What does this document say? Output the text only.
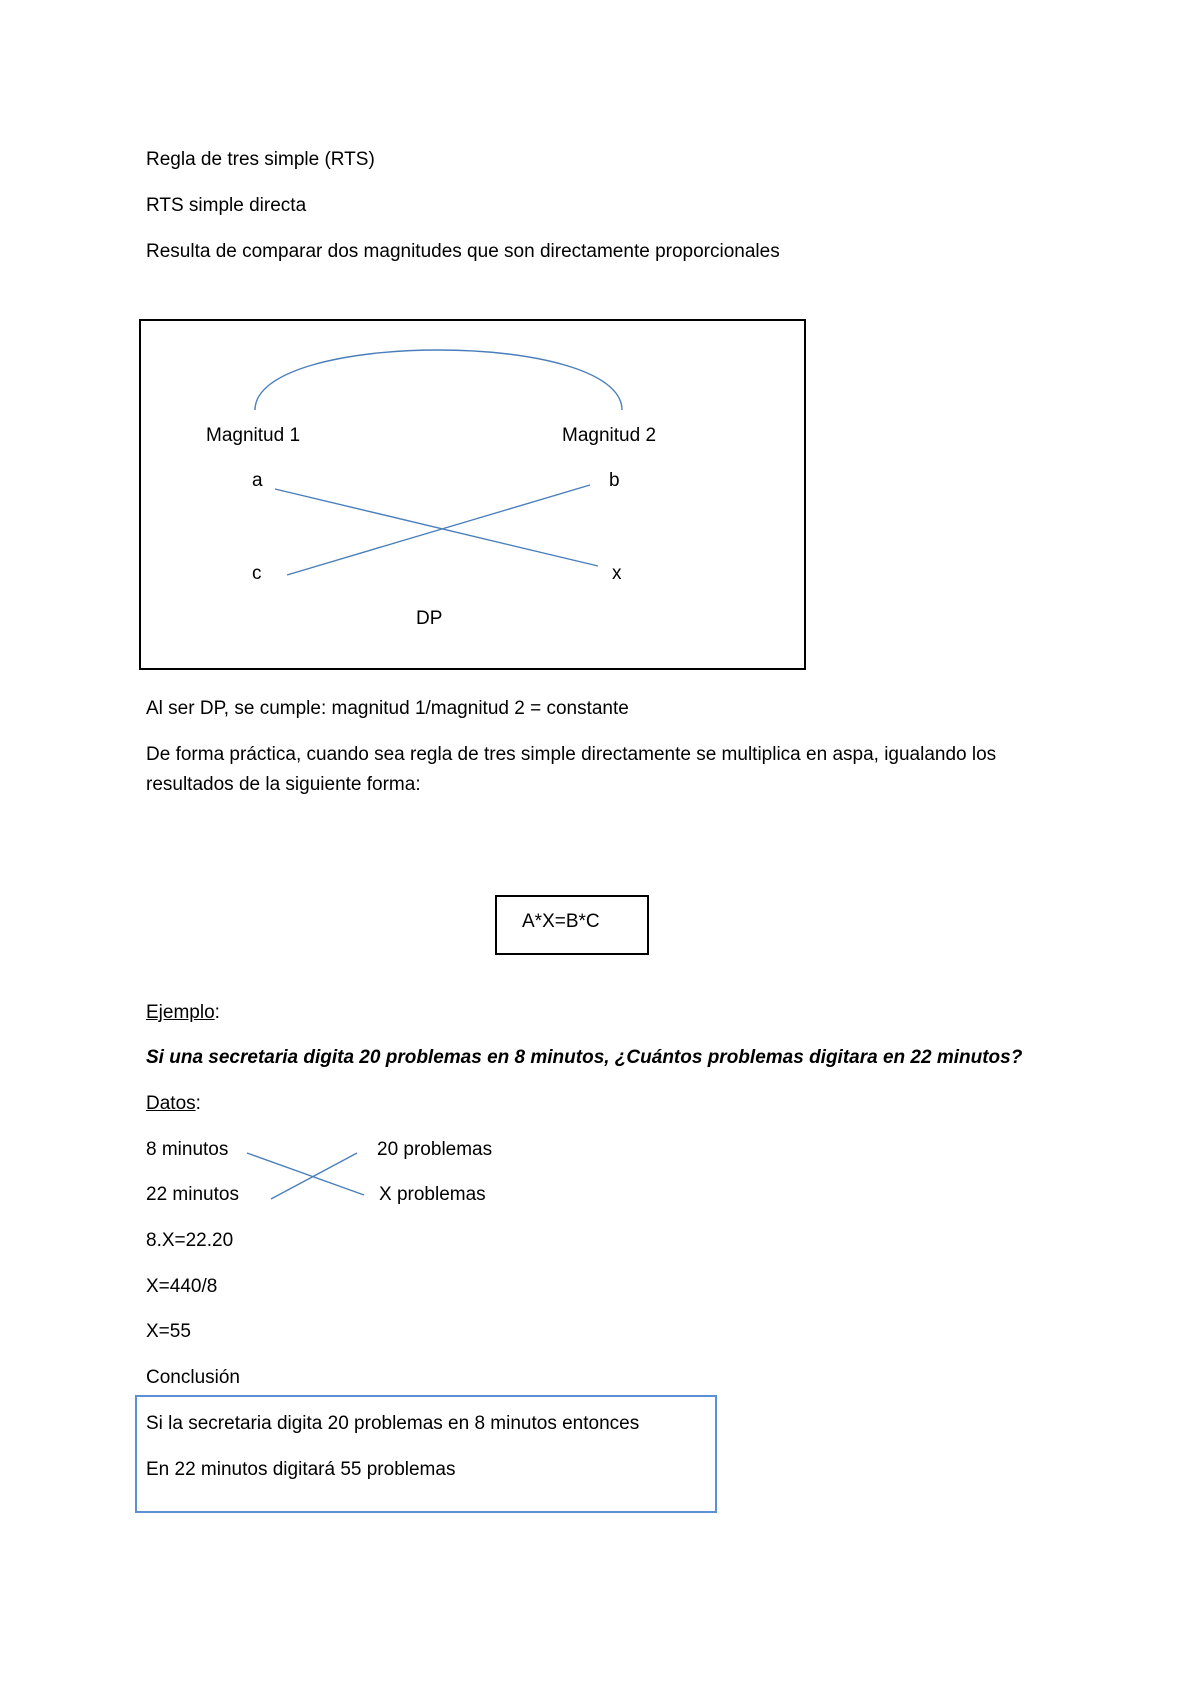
Regla de tres simple (RTS)
RTS simple directa
Resulta de comparar dos magnitudes que son directamente proporcionales
Magnitud 1	Magnitud 2
a	b
c	x
DP
Al ser DP, se cumple: magnitud 1/magnitud 2 = constante
De forma práctica, cuando sea regla de tres simple directamente se multiplica en aspa, igualando los
resultados de la siguiente forma:
A*X=B*C
Ejemplo:
Si una secretaria digita 20 problemas en 8 minutos, ¿Cuántos problemas digitara en 22 minutos?
Datos:
8 minutos	20 problemas
22 minutos	X problemas
8.X=22.20
X=440/8
X=55
Conclusión
Si la secretaria digita 20 problemas en 8 minutos entonces
En 22 minutos digitará 55 problemas
